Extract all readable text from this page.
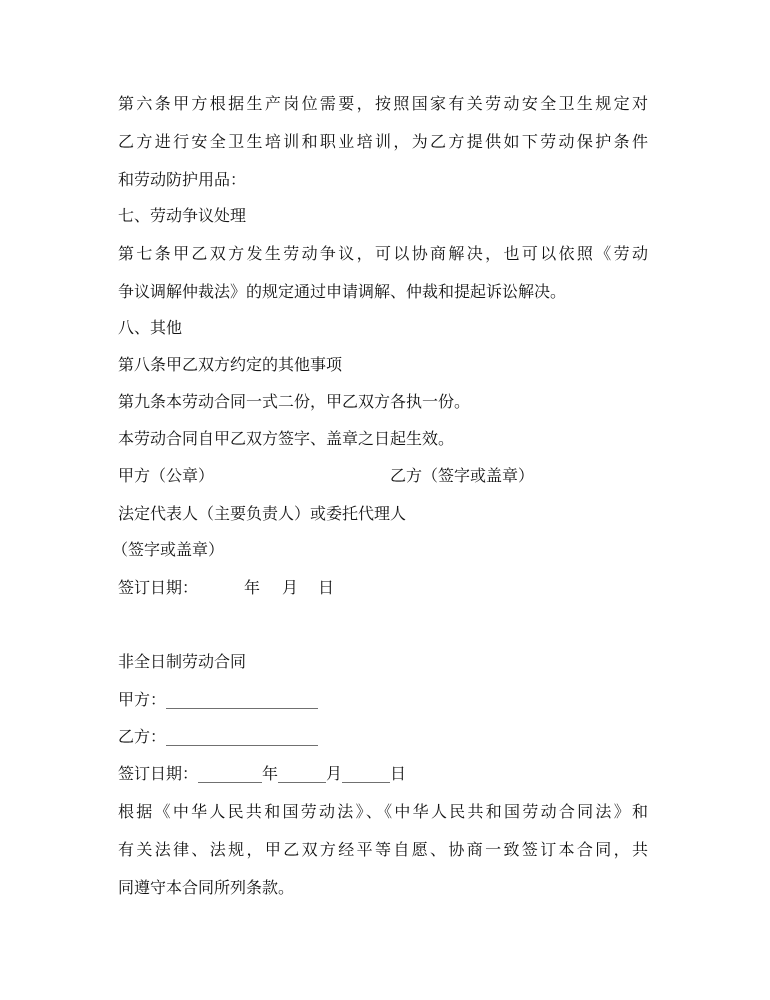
第六条甲方根据生产岗位需要，按照国家有关劳动安全卫生规定对
乙方进行安全卫生培训和职业培训，为乙方提供如下劳动保护条件
和劳动防护用品：
七、劳动争议处理
第七条甲乙双方发生劳动争议，可以协商解决，也可以依照《劳动
争议调解仲裁法》的规定通过申请调解、仲裁和提起诉讼解决。
八、其他
第八条甲乙双方约定的其他事项
第九条本劳动合同一式二份，甲乙双方各执一份。
本劳动合同自甲乙双方签字、盖章之日起生效。
甲方（公章）	乙方（签字或盖章）
法定代表人（主要负责人）或委托代理人
（签字或盖章）
签订日期：	年 月 日
非全日制劳动合同
甲方：___________________
乙方：___________________
签订日期：________年______月______日
根据《中华人民共和国劳动法》、《中华人民共和国劳动合同法》和
有关法律、法规，甲乙双方经平等自愿、协商一致签订本合同，共
同遵守本合同所列条款。
